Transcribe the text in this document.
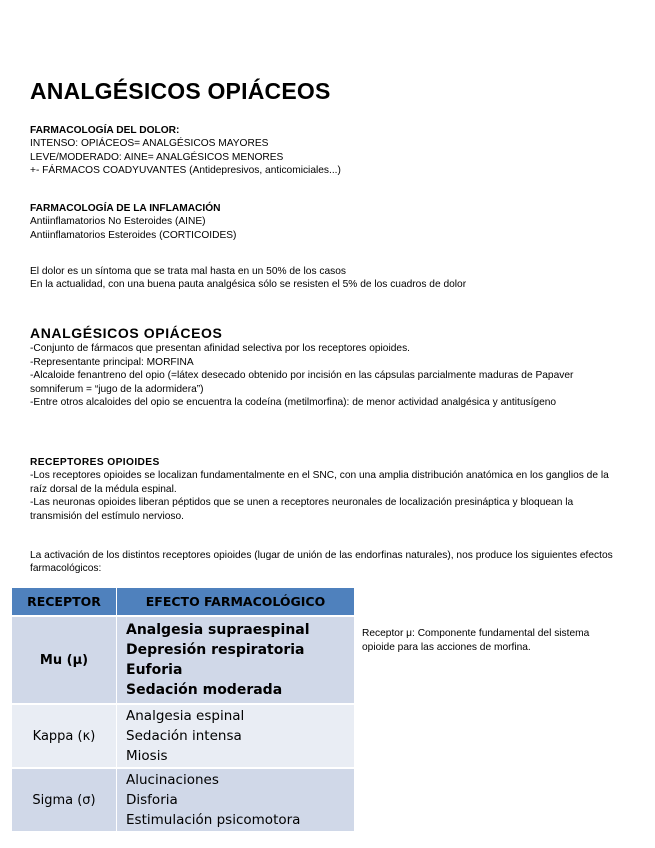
ANALGÉSICOS OPIÁCEOS
FARMACOLOGÍA DEL DOLOR:
INTENSO: OPIÁCEOS= ANALGÉSICOS MAYORES
LEVE/MODERADO: AINE= ANALGÉSICOS MENORES
+- FÁRMACOS COADYUVANTES (Antidepresivos, anticomiciales...)
FARMACOLOGÍA DE LA INFLAMACIÓN
Antiinflamatorios No Esteroides (AINE)
Antiinflamatorios Esteroides (CORTICOIDES)
El dolor es un síntoma que se trata mal hasta en un 50% de los casos
En la actualidad, con una buena pauta analgésica sólo se resisten el 5% de los cuadros de dolor
ANALGÉSICOS OPIÁCEOS
-Conjunto de fármacos que presentan afinidad selectiva por los receptores opioides.
-Representante principal: MORFINA
-Alcaloide fenantreno del opio (=látex desecado obtenido por incisión en las cápsulas parcialmente maduras de Papaver somniferum = “jugo de la adormidera”)
-Entre otros alcaloides del opio se encuentra la codeína (metilmorfina): de menor actividad analgésica y antitusígeno
RECEPTORES OPIOIDES
-Los receptores opioides se localizan fundamentalmente en el SNC, con una amplia distribución anatómica en los ganglios de la raíz dorsal de la médula espinal.
-Las neuronas opioides liberan péptidos que se unen a receptores neuronales de localización presináptica y bloquean la transmisión del estímulo nervioso.
La activación de los distintos receptores opioides (lugar de unión de las endorfinas naturales), nos produce los siguientes efectos farmacológicos:
RECEPTOR	EFECTO FARMACOLÓGICO
Mu (μ)	Analgesia supraespinal
Depresión respiratoria
Euforia
Sedación moderada

Kappa (κ)	Analgesia espinal
Sedación intensa
Miosis

Sigma (σ)	Alucinaciones
Disforia
Estimulación psicomotora
Receptor μ: Componente fundamental del sistema opioide para las acciones de morfina.
